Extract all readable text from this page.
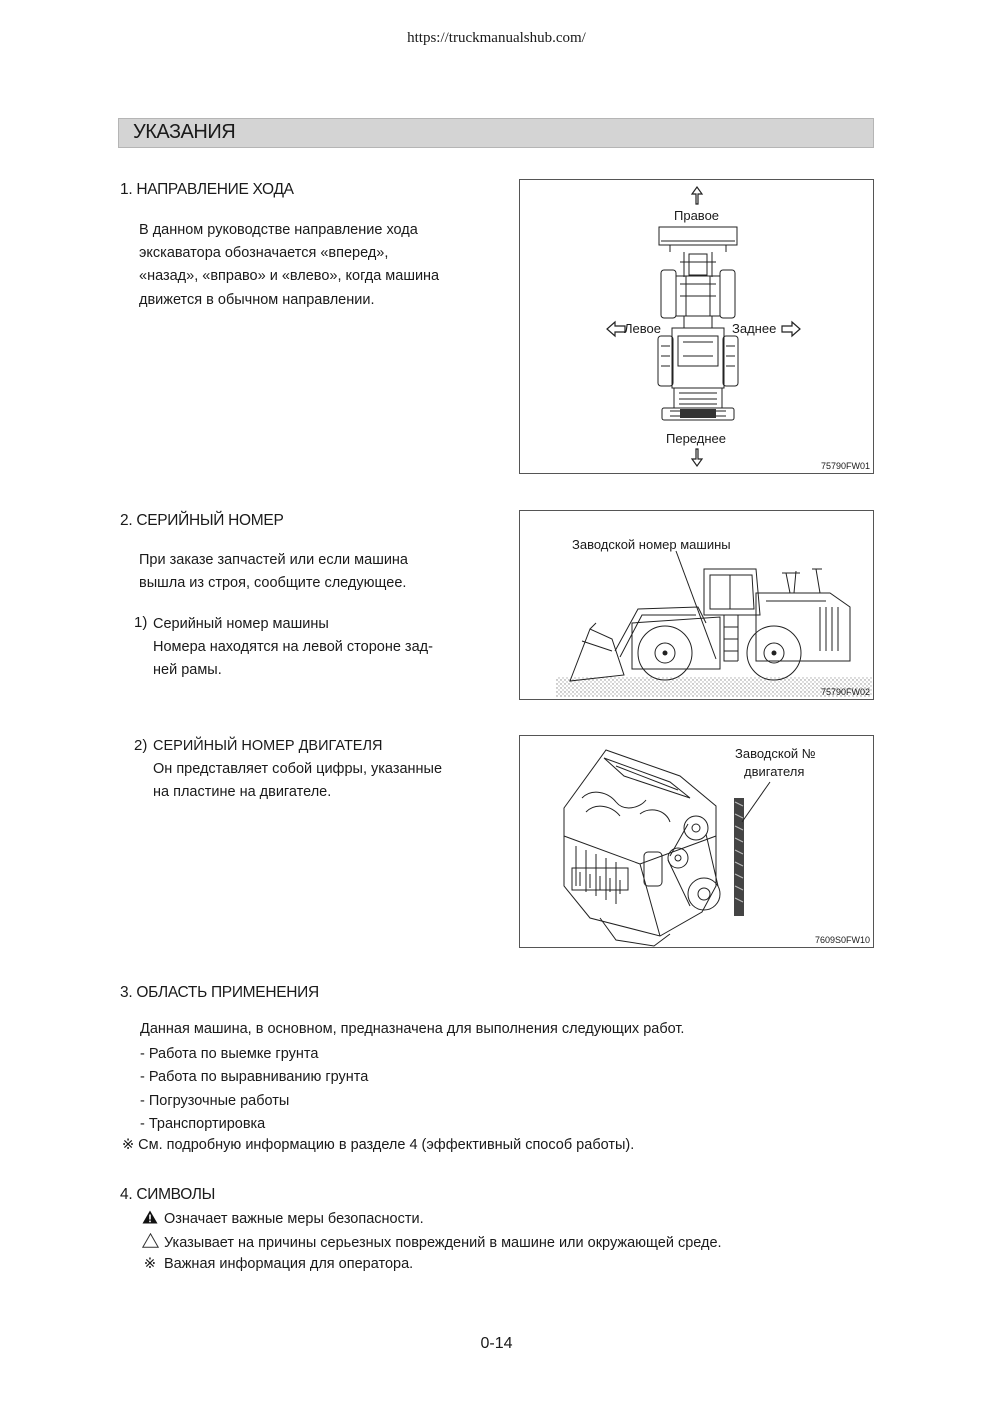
https://truckmanualshub.com/
УКАЗАНИЯ
1. НАПРАВЛЕНИЕ ХОДА
В данном руководстве направление хода
экскаватора обозначается «вперед»,
«назад», «вправо» и «влево», когда машина
движется в обычном направлении.
Правое
Левое	Заднее
Переднее
75790FW01
2. СЕРИЙНЫЙ НОМЕР
При заказе запчастей или если машина
вышла из строя, сообщите следующее.
1) Серийный номер машины
Номера находятся на левой стороне зад-
ней рамы.
Заводской номер машины
75790FW02
2) СЕРИЙНЫЙ НОМЕР ДВИГАТЕЛЯ
Он представляет собой цифры, указанные
на пластине на двигателе.
Заводской №
двигателя
7609S0FW10
3. ОБЛАСТЬ ПРИМЕНЕНИЯ
Данная машина, в основном, предназначена для выполнения следующих работ.
- Работа по выемке грунта
- Работа по выравниванию грунта
- Погрузочные работы
- Транспортировка
※ См. подробную информацию в разделе 4 (эффективный способ работы).
4. СИМВОЛЫ
Означает важные меры безопасности.
Указывает на причины серьезных повреждений в машине или окружающей среде.
※ Важная информация для оператора.
0-14
